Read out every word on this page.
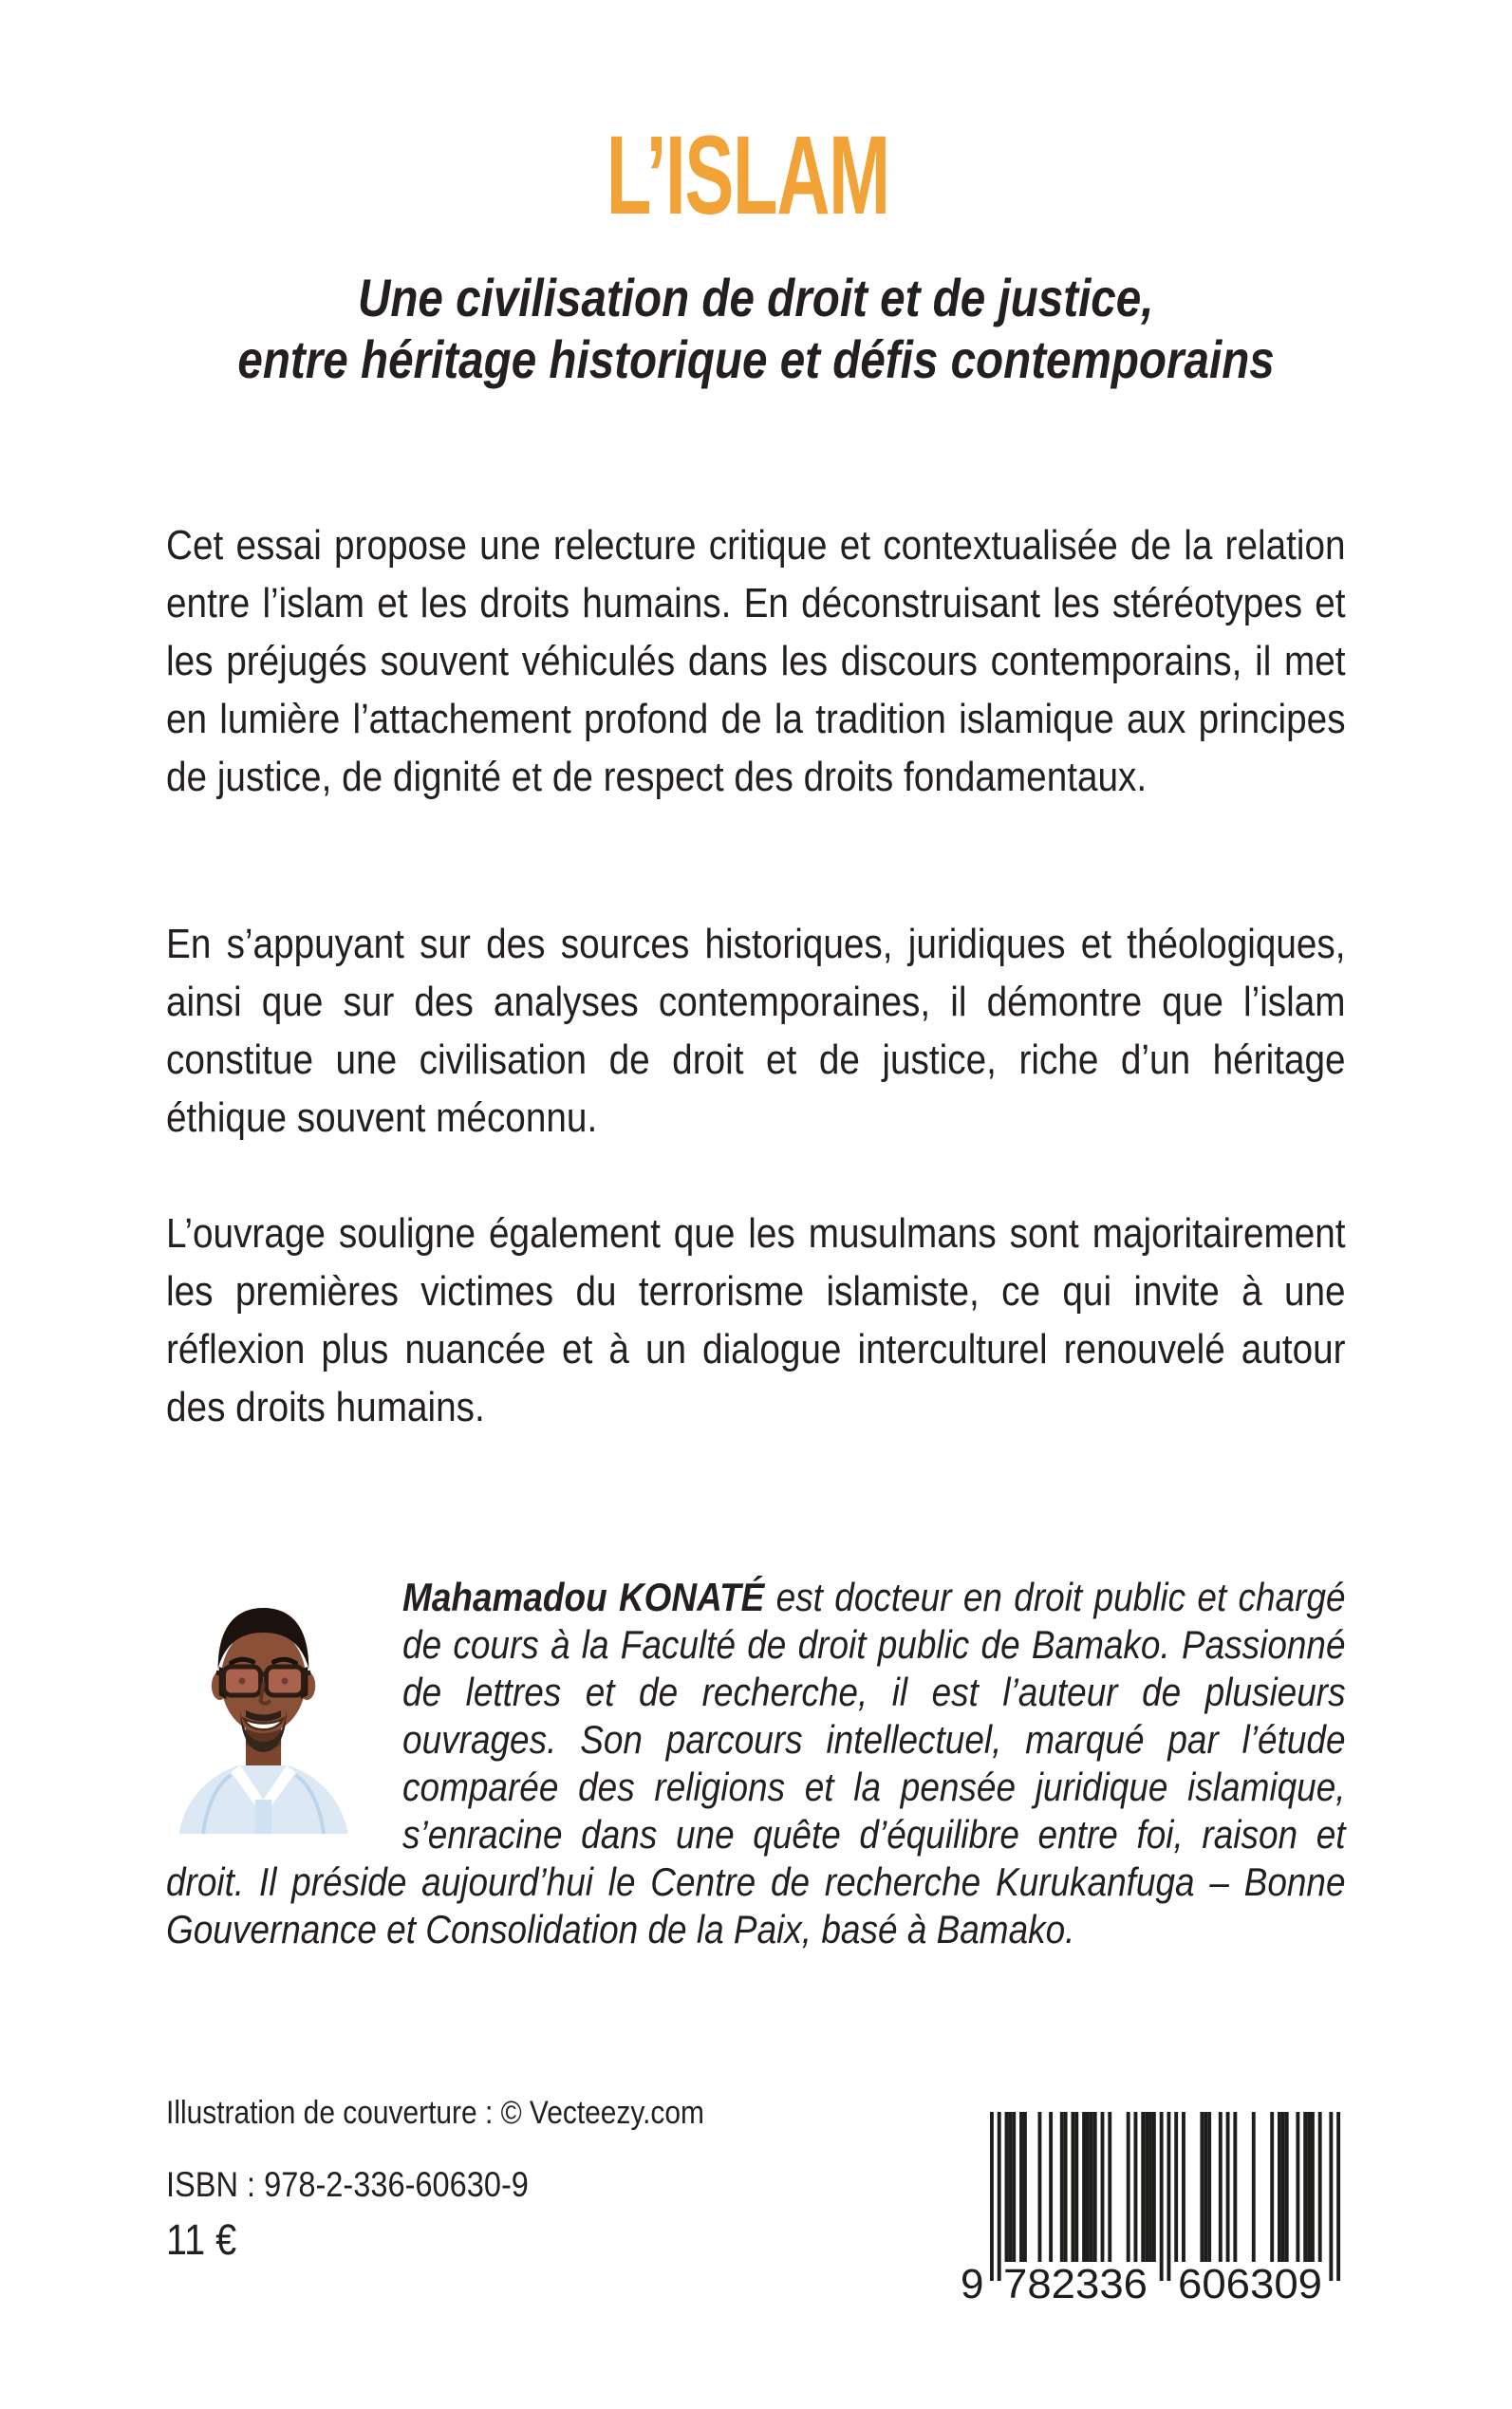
L’ISLAM
Une civilisation de droit et de justice,
entre héritage historique et défis contemporains

Cet essai propose une relecture critique et contextualisée de la relation entre l’islam et les droits humains. En déconstruisant les stéréotypes et les préjugés souvent véhiculés dans les discours contemporains, il met en lumière l’attachement profond de la tradition islamique aux principes de justice, de dignité et de respect des droits fondamentaux.

En s’appuyant sur des sources historiques, juridiques et théologiques, ainsi que sur des analyses contemporaines, il démontre que l’islam constitue une civilisation de droit et de justice, riche d’un héritage éthique souvent méconnu.

L’ouvrage souligne également que les musulmans sont majoritairement les premières victimes du terrorisme islamiste, ce qui invite à une réflexion plus nuancée et à un dialogue interculturel renouvelé autour des droits humains.

Mahamadou KONATÉ est docteur en droit public et chargé de cours à la Faculté de droit public de Bamako. Passionné de lettres et de recherche, il est l’auteur de plusieurs ouvrages. Son parcours intellectuel, marqué par l’étude comparée des religions et la pensée juridique islamique, s’enracine dans une quête d’équilibre entre foi, raison et droit. Il préside aujourd’hui le Centre de recherche Kurukanfuga – Bonne Gouvernance et Consolidation de la Paix, basé à Bamako.

Illustration de couverture : © Vecteezy.com
ISBN : 978-2-336-60630-9
11 €
9 782336 606309
